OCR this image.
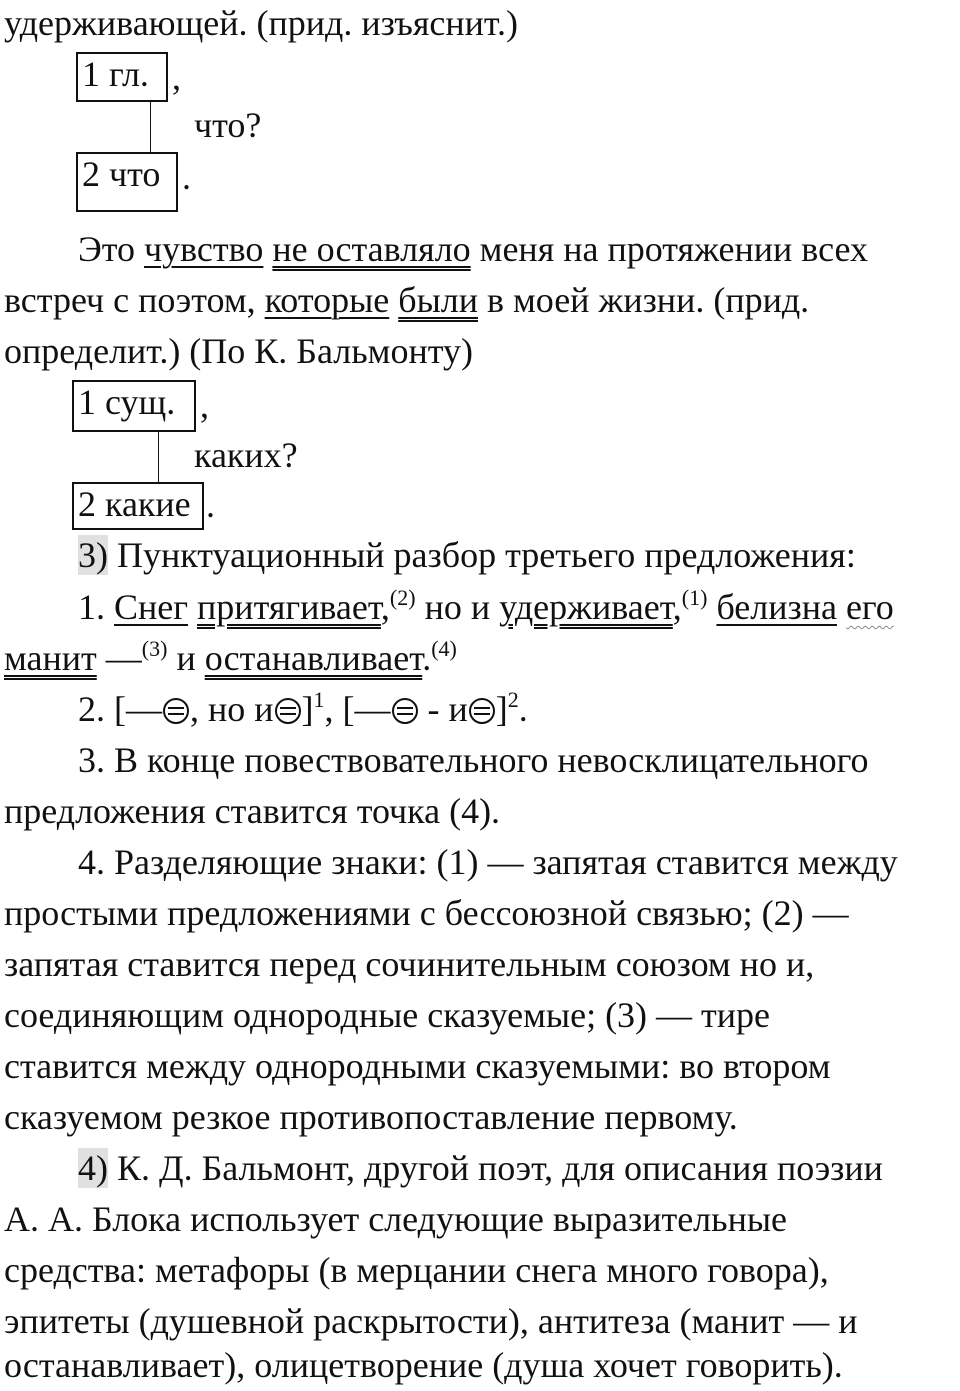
удерживающей. (прид. изъяснит.)
1 гл. ,
что?
2 что .
Это чувство не оставляло меня на протяжении всех
встреч с поэтом, которые были в моей жизни. (прид.
определит.) (По К. Бальмонту)
1 сущ. ,
каких?
2 какие .
3) Пунктуационный разбор третьего предложения:
1. Снег притягивает,$^{(2)}$ но и удерживает,$^{(1)}$ белизна его
манит —$^{(3)}$ и останавливает.$^{(4)}$
2. [— , но и ]$^1$, [— - и ]$^2$.
3. В конце повествовательного невосклицательного
предложения ставится точка (4).
4. Разделяющие знаки: (1) — запятая ставится между
простыми предложениями с бессоюзной связью; (2) —
запятая ставится перед сочинительным союзом но и,
соединяющим однородные сказуемые; (3) — тире
ставится между однородными сказуемыми: во втором
сказуемом резкое противопоставление первому.
4) К. Д. Бальмонт, другой поэт, для описания поэзии
А. А. Блока использует следующие выразительные
средства: метафоры (в мерцании снега много говора),
эпитеты (душевной раскрытости), антитеза (манит — и
останавливает), олицетворение (душа хочет говорить).
